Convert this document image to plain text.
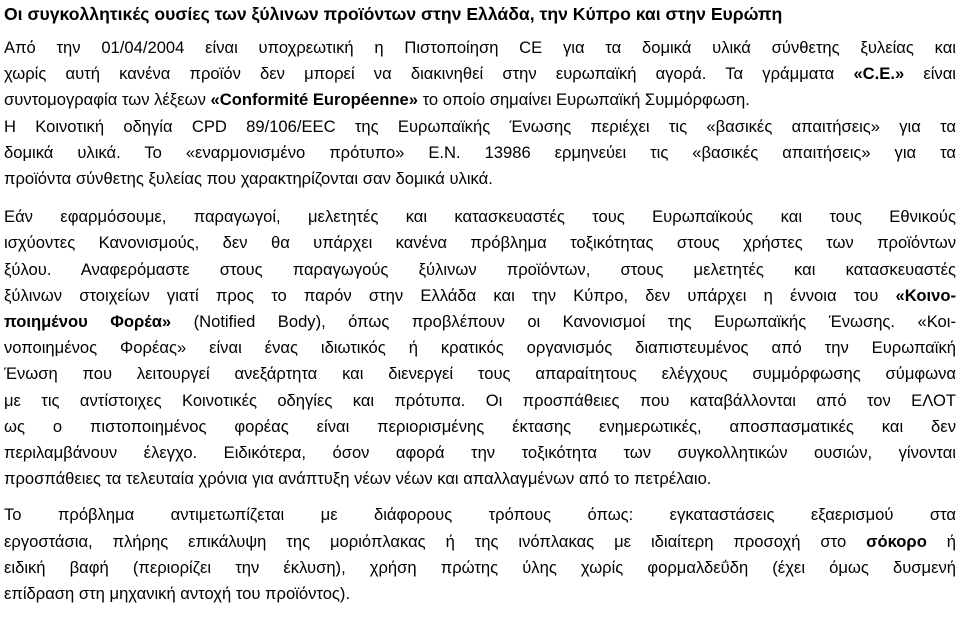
Οι συγκολλητικές ουσίες των ξύλινων προϊόντων στην Ελλάδα, την Κύπρο και στην Ευρώπη

Από την 01/04/2004 είναι υποχρεωτική η Πιστοποίηση CE για τα δομικά υλικά σύνθετης ξυλείας και
χωρίς αυτή κανένα προϊόν δεν μπορεί να διακινηθεί στην ευρωπαϊκή αγορά. Τα γράμματα «C.E.» είναι
συντομογραφία των λέξεων «Conformité Européenne» το οποίο σημαίνει Ευρωπαϊκή Συμμόρφωση.
Η Κοινοτική οδηγία CPD 89/106/EEC της Ευρωπαϊκής Ένωσης περιέχει τις «βασικές απαιτήσεις» για τα
δομικά υλικά. Το «εναρμονισμένο πρότυπο» Ε.Ν. 13986 ερμηνεύει τις «βασικές απαιτήσεις» για τα
προϊόντα σύνθετης ξυλείας που χαρακτηρίζονται σαν δομικά υλικά.

Εάν εφαρμόσουμε, παραγωγοί, μελετητές και κατασκευαστές τους Ευρωπαϊκούς και τους Εθνικούς
ισχύοντες Κανονισμούς, δεν θα υπάρχει κανένα πρόβλημα τοξικότητας στους χρήστες των προϊόντων
ξύλου. Αναφερόμαστε στους παραγωγούς ξύλινων προϊόντων, στους μελετητές και κατασκευαστές
ξύλινων στοιχείων γιατί προς το παρόν στην Ελλάδα και την Κύπρο, δεν υπάρχει η έννοια του «Κοινο-
ποιημένου Φορέα» (Notified Body), όπως προβλέπουν οι Κανονισμοί της Ευρωπαϊκής Ένωσης. «Κοι-
νοποιημένος Φορέας» είναι ένας ιδιωτικός ή κρατικός οργανισμός διαπιστευμένος από την Ευρωπαϊκή
Ένωση που λειτουργεί ανεξάρτητα και διενεργεί τους απαραίτητους ελέγχους συμμόρφωσης σύμφωνα
με τις αντίστοιχες Κοινοτικές οδηγίες και πρότυπα. Οι προσπάθειες που καταβάλλονται από τον ΕΛΟΤ
ως ο πιστοποιημένος φορέας είναι περιορισμένης έκτασης ενημερωτικές, αποσπασματικές και δεν
περιλαμβάνουν έλεγχο. Ειδικότερα, όσον αφορά την τοξικότητα των συγκολλητικών ουσιών, γίνονται
προσπάθειες τα τελευταία χρόνια για ανάπτυξη νέων νέων και απαλλαγμένων από το πετρέλαιο.

Το πρόβλημα αντιμετωπίζεται με διάφορους τρόπους όπως: εγκαταστάσεις εξαερισμού στα
εργοστάσια, πλήρης επικάλυψη της μοριόπλακας ή της ινόπλακας με ιδιαίτερη προσοχή στο σόκορο ή
ειδική βαφή (περιορίζει την έκλυση), χρήση πρώτης ύλης χωρίς φορμαλδεΰδη (έχει όμως δυσμενή
επίδραση στη μηχανική αντοχή του προϊόντος).
